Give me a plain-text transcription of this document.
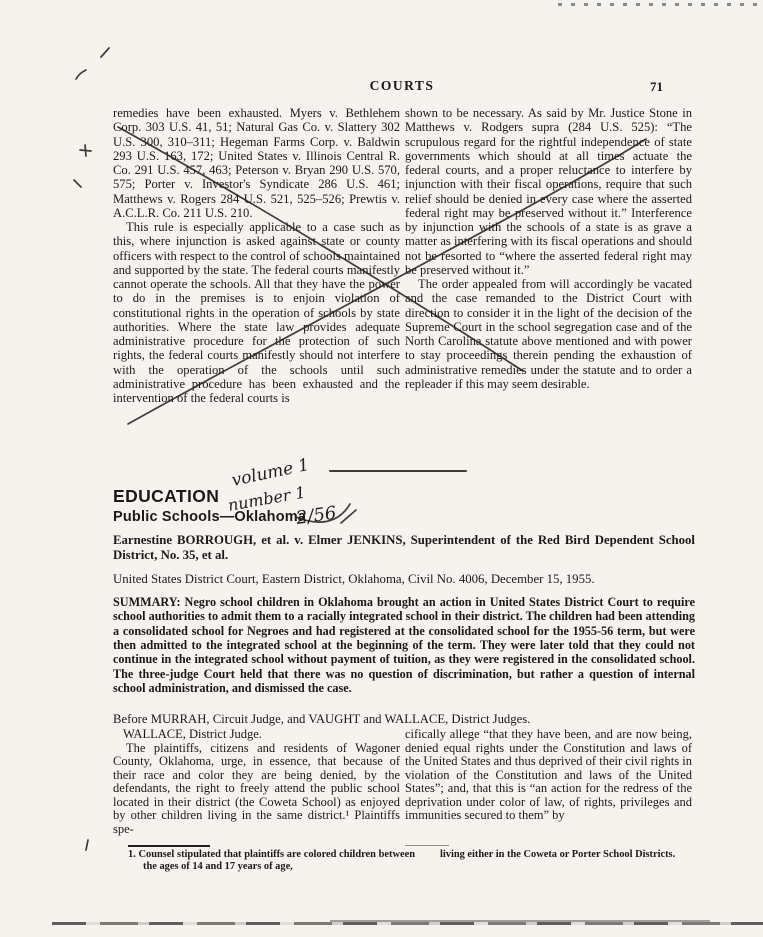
COURTS	71

remedies have been exhausted. Myers v. Bethlehem Corp. 303 U.S. 41, 51; Natural Gas Co. v. Slattery 302 U.S. 300, 310–311; Hegeman Farms Corp. v. Baldwin 293 U.S. 163, 172; United States v. Illinois Central R. Co. 291 U.S. 457, 463; Peterson v. Bryan 290 U.S. 570, 575; Porter v. Investor's Syndicate 286 U.S. 461; Matthews v. Rogers 284 U.S. 521, 525–526; Prewtis v. A.C.L.R. Co. 211 U.S. 210.

This rule is especially applicable to a case such as this, where injunction is asked against state or county officers with respect to the control of schools maintained and supported by the state. The federal courts manifestly cannot operate the schools. All that they have the power to do in the premises is to enjoin violation of constitutional rights in the operation of schools by state authorities. Where the state law provides adequate administrative procedure for the protection of such rights, the federal courts manifestly should not interfere with the operation of the schools until such administrative procedure has been exhausted and the intervention of the federal courts is

shown to be necessary. As said by Mr. Justice Stone in Matthews v. Rodgers supra (284 U.S. 525): “The scrupulous regard for the rightful independence of state governments which should at all times actuate the federal courts, and a proper reluctance to interfere by injunction with their fiscal operations, require that such relief should be denied in every case where the asserted federal right may be preserved without it.” Interference by injunction with the schools of a state is as grave a matter as interfering with its fiscal operations and should not be resorted to “where the asserted federal right may be preserved without it.”

The order appealed from will accordingly be vacated and the case remanded to the District Court with direction to consider it in the light of the decision of the Supreme Court in the school segregation case and of the North Carolina statute above mentioned and with power to stay proceedings therein pending the exhaustion of administrative remedies under the statute and to order a repleader if this may seem desirable.

EDUCATION
Public Schools—Oklahoma
Earnestine BORROUGH, et al. v. Elmer JENKINS, Superintendent of the Red Bird Dependent School District, No. 35, et al.
United States District Court, Eastern District, Oklahoma, Civil No. 4006, December 15, 1955.
SUMMARY: Negro school children in Oklahoma brought an action in United States District Court to require school authorities to admit them to a racially integrated school in their district. The children had been attending a consolidated school for Negroes and had registered at the consolidated school for the 1955-56 term, but were then admitted to the integrated school at the beginning of the term. They were later told that they could not continue in the integrated school without payment of tuition, as they were registered in the consolidated school. The three-judge Court held that there was no question of discrimination, but rather a question of internal school administration, and dismissed the case.
Before MURRAH, Circuit Judge, and VAUGHT and WALLACE, District Judges.

WALLACE, District Judge.

The plaintiffs, citizens and residents of Wagoner County, Oklahoma, urge, in essence, that because of their race and color they are being denied, by the defendants, the right to freely attend the public school located in their district (the Coweta School) as enjoyed by other children living in the same district.¹ Plaintiffs spe-

cifically allege “that they have been, and are now being, denied equal rights under the Constitution and laws of the United States and thus deprived of their civil rights in violation of the Constitution and laws of the United States”; and, that this is “an action for the redress of the deprivation under color of law, of rights, privileges and immunities secured to them” by

1. Counsel stipulated that plaintiffs are colored children between the ages of 14 and 17 years of age,
living either in the Coweta or Porter School Districts.
volume 1
number 1
2/56
